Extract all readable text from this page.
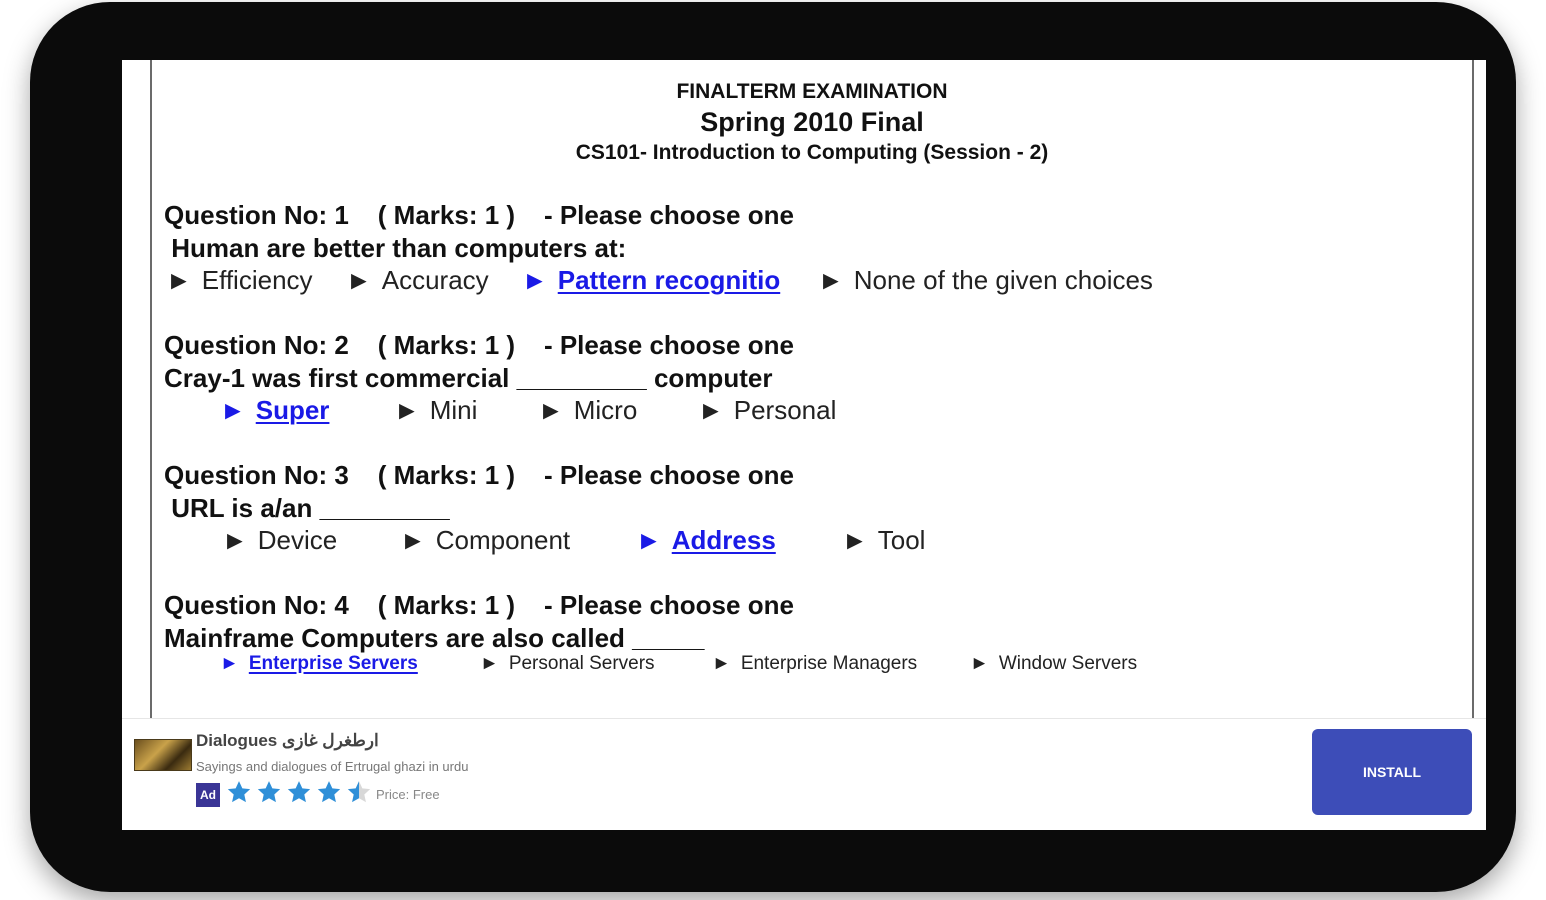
FINALTERM EXAMINATION
Spring 2010 Final
CS101- Introduction to Computing (Session - 2)
Question No: 1    ( Marks: 1 )    - Please choose one
Human are better than computers at:
► Efficiency ► Accuracy ► Pattern recognitio ► None of the given choices
Question No: 2    ( Marks: 1 )    - Please choose one
Cray-1 was first commercial _________ computer
► Super ► Mini ► Micro ► Personal
Question No: 3    ( Marks: 1 )    - Please choose one
URL is a/an _________
► Device ► Component	► Address	► Tool
Question No: 4    ( Marks: 1 )    - Please choose one
Mainframe Computers are also called _____
► Enterprise Servers	► Personal Servers	► Enterprise Managers	► Window Servers
Dialogues ارطغرل غازی
Sayings and dialogues of Ertrugal ghazi in urdu
Ad	Price: Free
INSTALL
